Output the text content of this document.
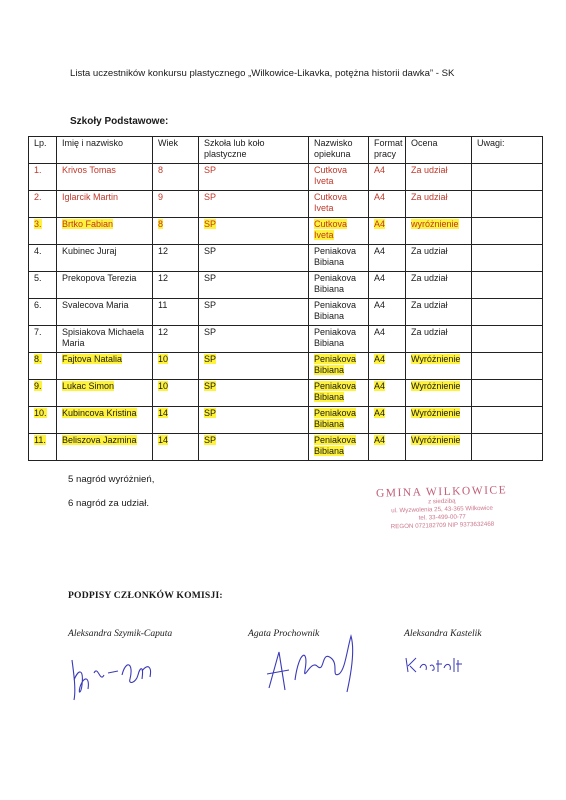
Lista uczestników konkursu plastycznego „Wilkowice-Likavka, potężna historii dawka” - SK
Szkoły Podstawowe:
Lp.	Imię i nazwisko	Wiek	Szkoła lub koło plastyczne	Nazwisko opiekuna	Format pracy	Ocena	Uwagi:
1.	Krivos Tomas	8	SP	Cutkova Iveta	A4	Za udział	
2.	Iglarcik Martin	9	SP	Cutkova Iveta	A4	Za udział	
3.	Brtko Fabian	8	SP	Cutkova Iveta	A4	wyróżnienie	
4.	Kubinec Juraj	12	SP	Peniakova Bibiana	A4	Za udział	
5.	Prekopova Terezia	12	SP	Peniakova Bibiana	A4	Za udział	
6.	Svalecova Maria	11	SP	Peniakova Bibiana	A4	Za udział	
7.	Spisiakova Michaela Maria	12	SP	Peniakova Bibiana	A4	Za udział	
8.	Fajtova Natalia	10	SP	Peniakova Bibiana	A4	Wyróżnienie	
9.	Lukac Simon	10	SP	Peniakova Bibiana	A4	Wyróżnienie	
10.	Kubincova Kristina	14	SP	Peniakova Bibiana	A4	Wyróżnienie	
11.	Beliszova Jazmina	14	SP	Peniakova Bibiana	A4	Wyróżnienie	
5 nagród wyróżnień,
6 nagród za udział.
GMINA WILKOWICE
z siedzibą
ul. Wyzwolenia 25, 43-365 Wilkowice
tel. 33-499-00-77
REGON 072182709 NIP 9373632468
PODPISY CZŁONKÓW KOMISJI:
Aleksandra Szymik-Caputa	Agata Prochownik	Aleksandra Kastelik
